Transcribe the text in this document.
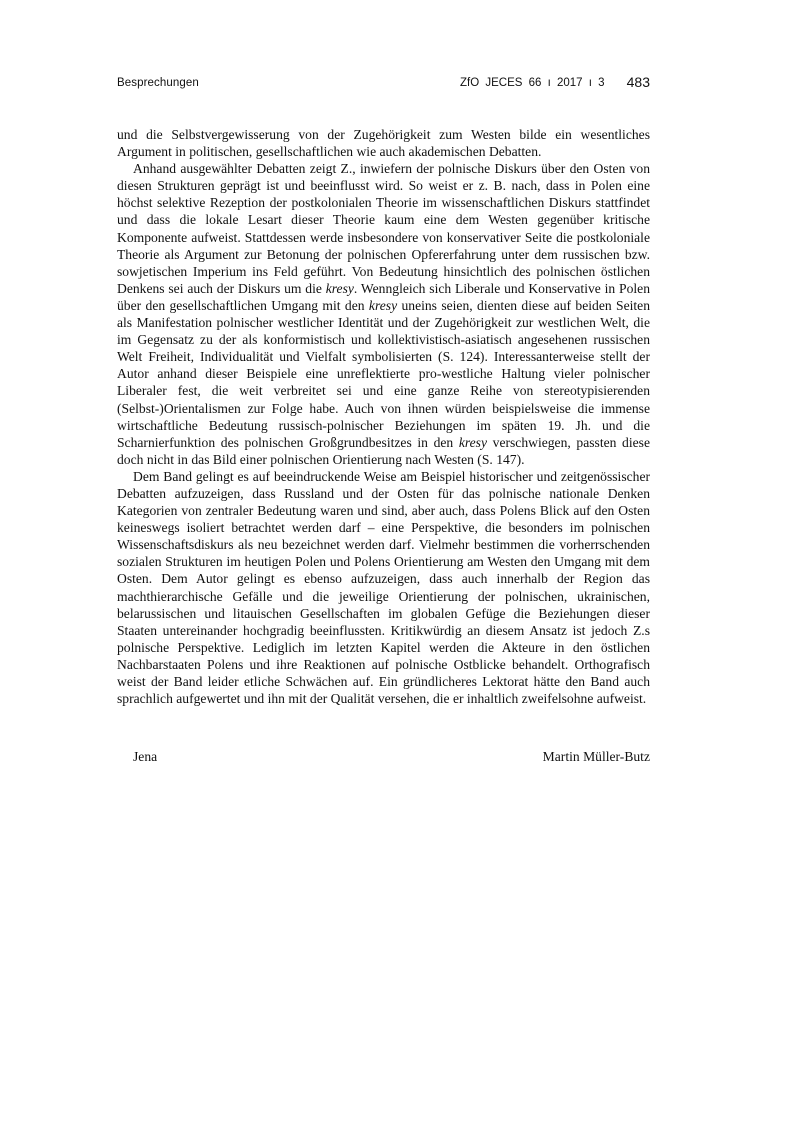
Besprechungen	ZfO JECES 66 ı 2017 ı 3 483

und die Selbstvergewisserung von der Zugehörigkeit zum Westen bilde ein wesentliches Argument in politischen, gesellschaftlichen wie auch akademischen Debatten.

Anhand ausgewählter Debatten zeigt Z., inwiefern der polnische Diskurs über den Osten von diesen Strukturen geprägt ist und beeinflusst wird. So weist er z. B. nach, dass in Polen eine höchst selektive Rezeption der postkolonialen Theorie im wissenschaftlichen Diskurs stattfindet und dass die lokale Lesart dieser Theorie kaum eine dem Westen gegenüber kritische Komponente aufweist. Stattdessen werde insbesondere von konservativer Seite die postkoloniale Theorie als Argument zur Betonung der polnischen Opfererfahrung unter dem russischen bzw. sowjetischen Imperium ins Feld geführt. Von Bedeutung hinsichtlich des polnischen östlichen Denkens sei auch der Diskurs um die kresy. Wenngleich sich Liberale und Konservative in Polen über den gesellschaftlichen Umgang mit den kresy uneins seien, dienten diese auf beiden Seiten als Manifestation polnischer westlicher Identität und der Zugehörigkeit zur westlichen Welt, die im Gegensatz zu der als konformistisch und kollektivistisch-asiatisch angesehenen russischen Welt Freiheit, Individualität und Vielfalt symbolisierten (S. 124). Interessanterweise stellt der Autor anhand dieser Beispiele eine unreflektierte pro-westliche Haltung vieler polnischer Liberaler fest, die weit verbreitet sei und eine ganze Reihe von stereotypisierenden (Selbst-)Orientalismen zur Folge habe. Auch von ihnen würden beispielsweise die immense wirtschaftliche Bedeutung russisch-polnischer Beziehungen im späten 19. Jh. und die Scharnierfunktion des polnischen Großgrundbesitzes in den kresy verschwiegen, passten diese doch nicht in das Bild einer polnischen Orientierung nach Westen (S. 147).

Dem Band gelingt es auf beeindruckende Weise am Beispiel historischer und zeitgenössischer Debatten aufzuzeigen, dass Russland und der Osten für das polnische nationale Denken Kategorien von zentraler Bedeutung waren und sind, aber auch, dass Polens Blick auf den Osten keineswegs isoliert betrachtet werden darf – eine Perspektive, die besonders im polnischen Wissenschaftsdiskurs als neu bezeichnet werden darf. Vielmehr bestimmen die vorherrschenden sozialen Strukturen im heutigen Polen und Polens Orientierung am Westen den Umgang mit dem Osten. Dem Autor gelingt es ebenso aufzuzeigen, dass auch innerhalb der Region das machthierarchische Gefälle und die jeweilige Orientierung der polnischen, ukrainischen, belarussischen und litauischen Gesellschaften im globalen Gefüge die Beziehungen dieser Staaten untereinander hochgradig beeinflussten. Kritikwürdig an diesem Ansatz ist jedoch Z.s polnische Perspektive. Lediglich im letzten Kapitel werden die Akteure in den östlichen Nachbarstaaten Polens und ihre Reaktionen auf polnische Ostblicke behandelt. Orthografisch weist der Band leider etliche Schwächen auf. Ein gründlicheres Lektorat hätte den Band auch sprachlich aufgewertet und ihn mit der Qualität versehen, die er inhaltlich zweifelsohne aufweist.

Jena	Martin Müller-Butz
